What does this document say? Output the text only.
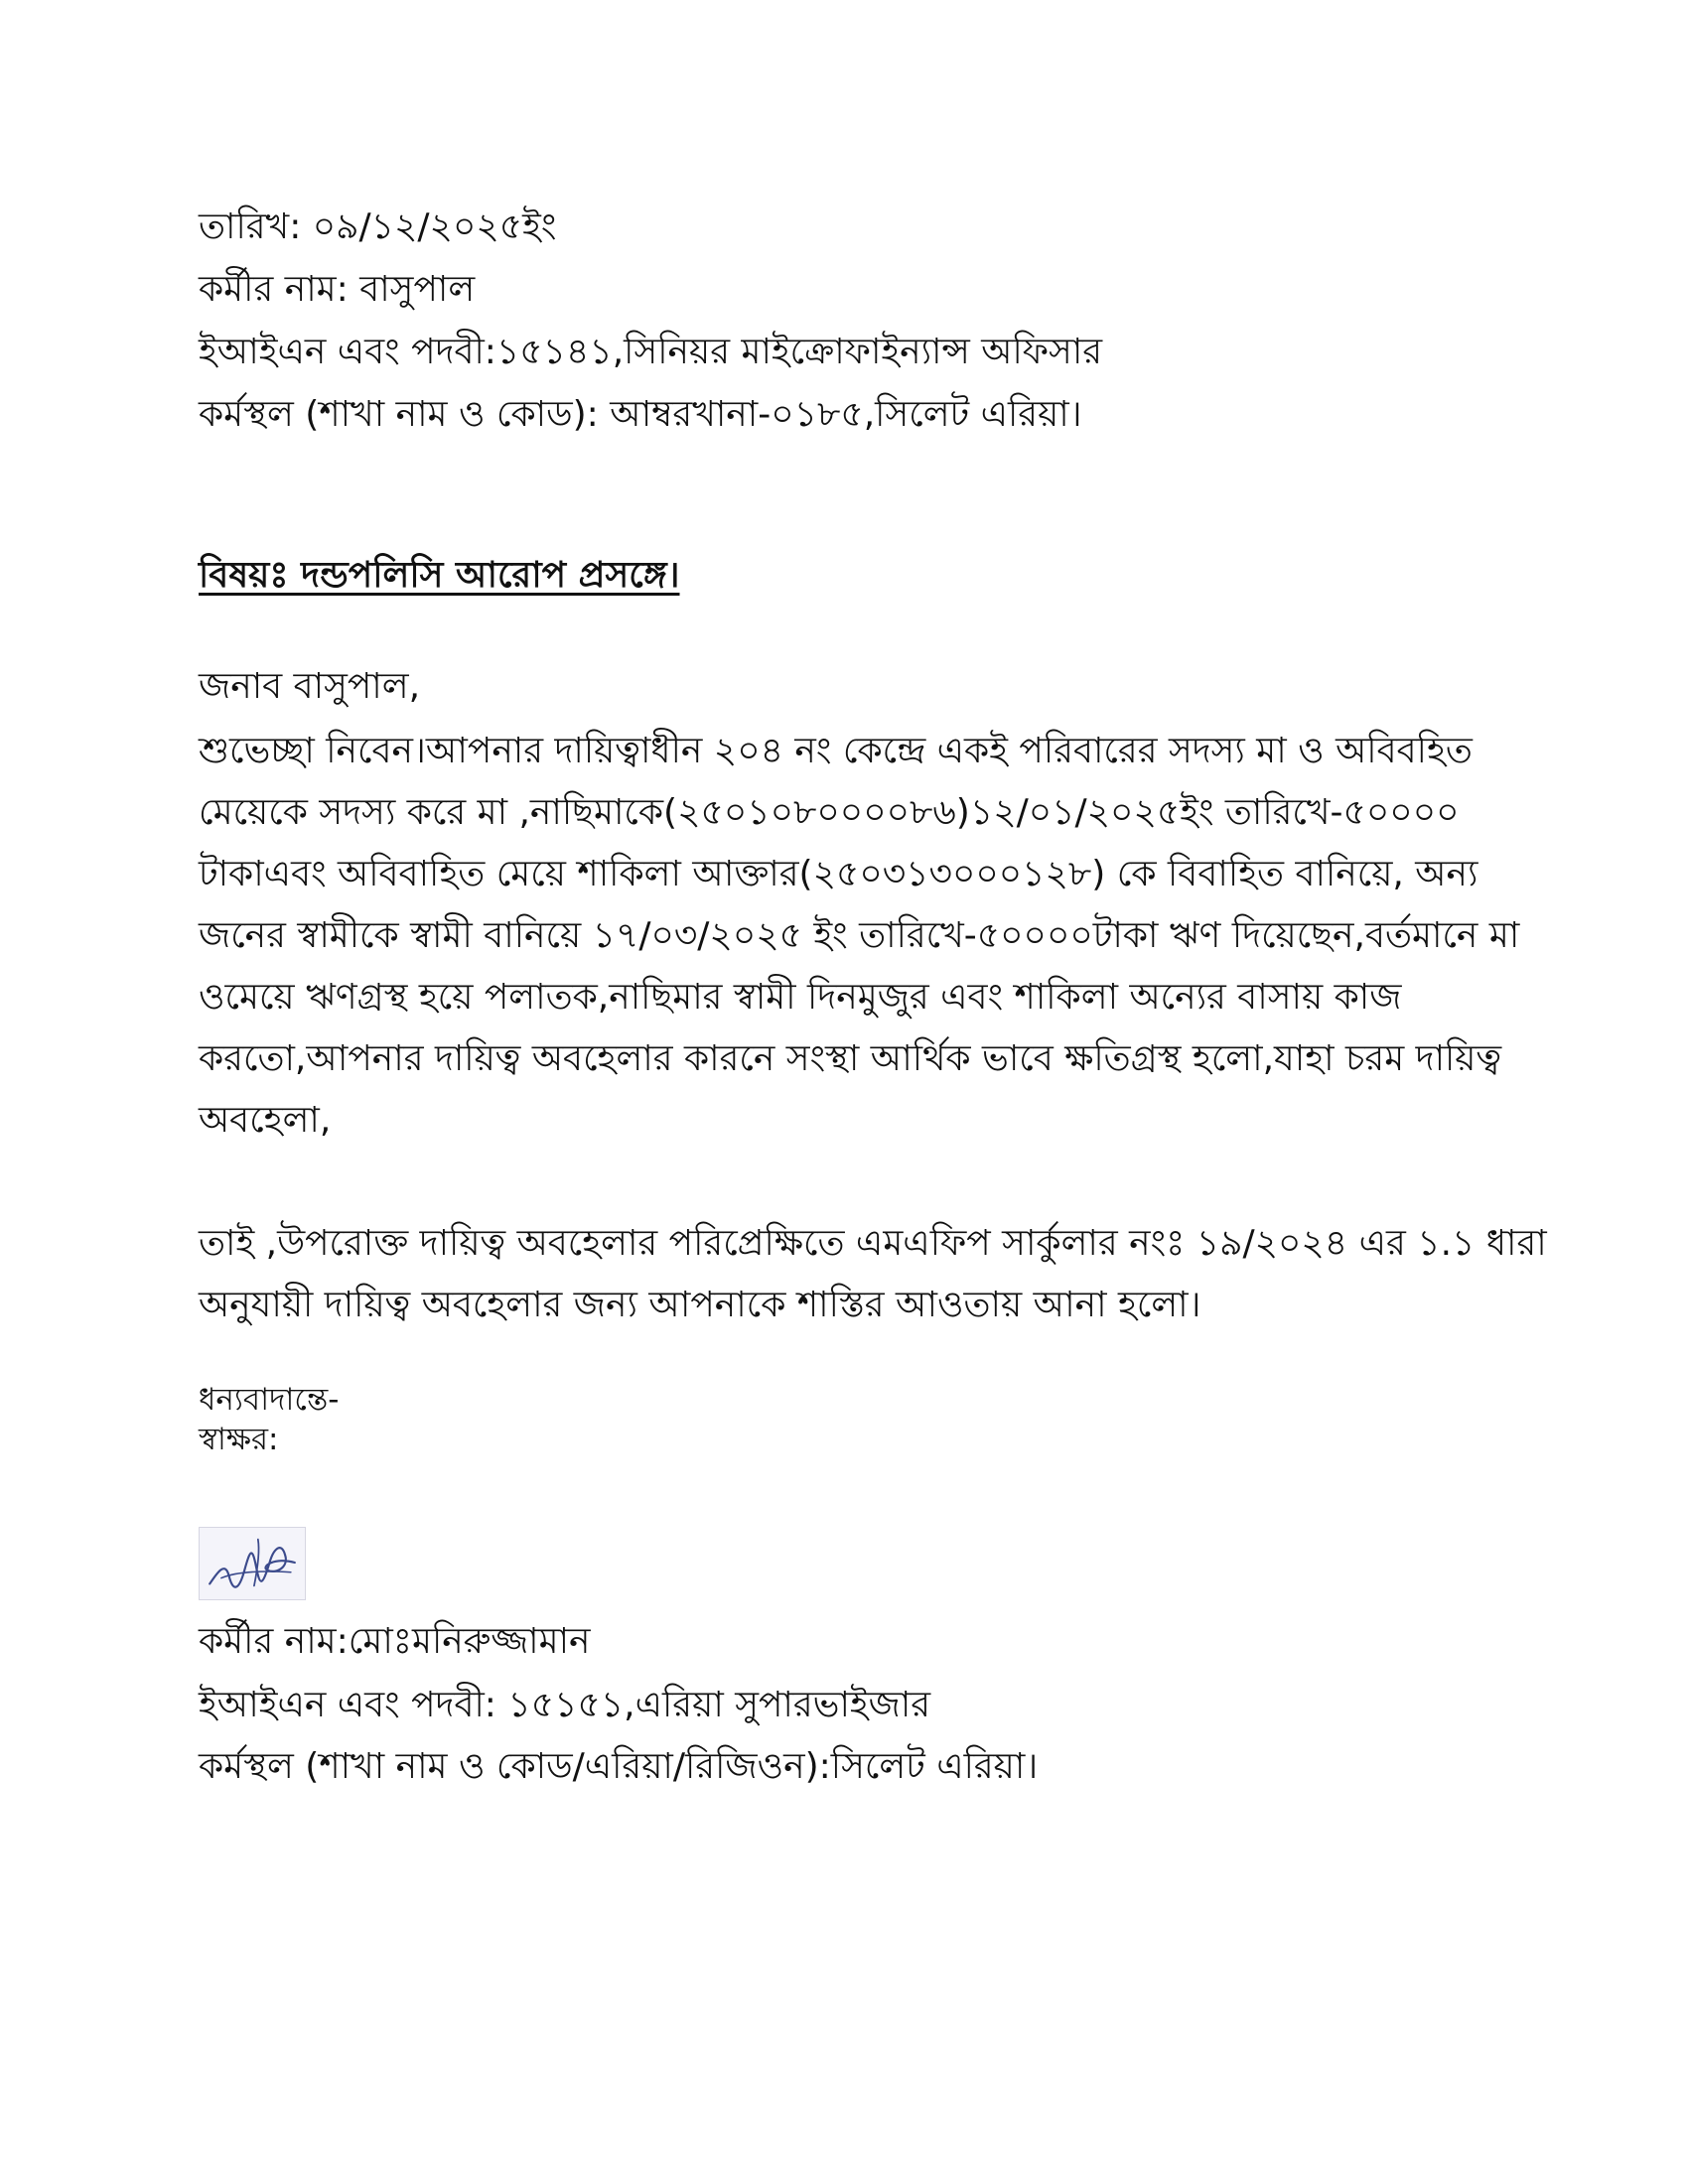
তারিখ: ০৯/১২/২০২৫ইং
কর্মীর নাম: বাসুপাল
ইআইএন এবং পদবী:১৫১৪১,সিনিয়র মাইক্রোফাইন্যান্স অফিসার
কর্মস্থল (শাখা নাম ও কোড): আম্বরখানা-০১৮৫,সিলেট এরিয়া।
বিষয়ঃ দন্ডপলিসি আরোপ প্রসঙ্গে।
জনাব বাসুপাল,
শুভেচ্ছা নিবেন।আপনার দায়িত্বাধীন ২০৪ নং কেন্দ্রে একই পরিবারের সদস্য মা ও অবিবহিত
মেয়েকে সদস্য করে মা ,নাছিমাকে(২৫০১০৮০০০০৮৬)১২/০১/২০২৫ইং তারিখে-৫০০০০
টাকাএবং অবিবাহিত মেয়ে শাকিলা আক্তার(২৫০৩১৩০০০১২৮) কে বিবাহিত বানিয়ে, অন্য
জনের স্বামীকে স্বামী বানিয়ে ১৭/০৩/২০২৫ ইং তারিখে-৫০০০০টাকা ঋণ দিয়েছেন,বর্তমানে মা
ওমেয়ে ঋণগ্রস্থ হয়ে পলাতক,নাছিমার স্বামী দিনমুজুর এবং শাকিলা অন্যের বাসায় কাজ
করতো,আপনার দায়িত্ব অবহেলার কারনে সংস্থা আর্থিক ভাবে ক্ষতিগ্রস্থ হলো,যাহা চরম দায়িত্ব
অবহেলা,
তাই ,উপরোক্ত দায়িত্ব অবহেলার পরিপ্রেক্ষিতে এমএফিপ সার্কুলার নংঃ ১৯/২০২৪ এর ১.১ ধারা
অনুযায়ী দায়িত্ব অবহেলার জন্য আপনাকে শাস্তির আওতায় আনা হলো।
ধন্যবাদান্তে-
স্বাক্ষর:
কর্মীর নাম:মোঃমনিরুজ্জামান
ইআইএন এবং পদবী: ১৫১৫১,এরিয়া সুপারভাইজার
কর্মস্থল (শাখা নাম ও কোড/এরিয়া/রিজিওন):সিলেট এরিয়া।
